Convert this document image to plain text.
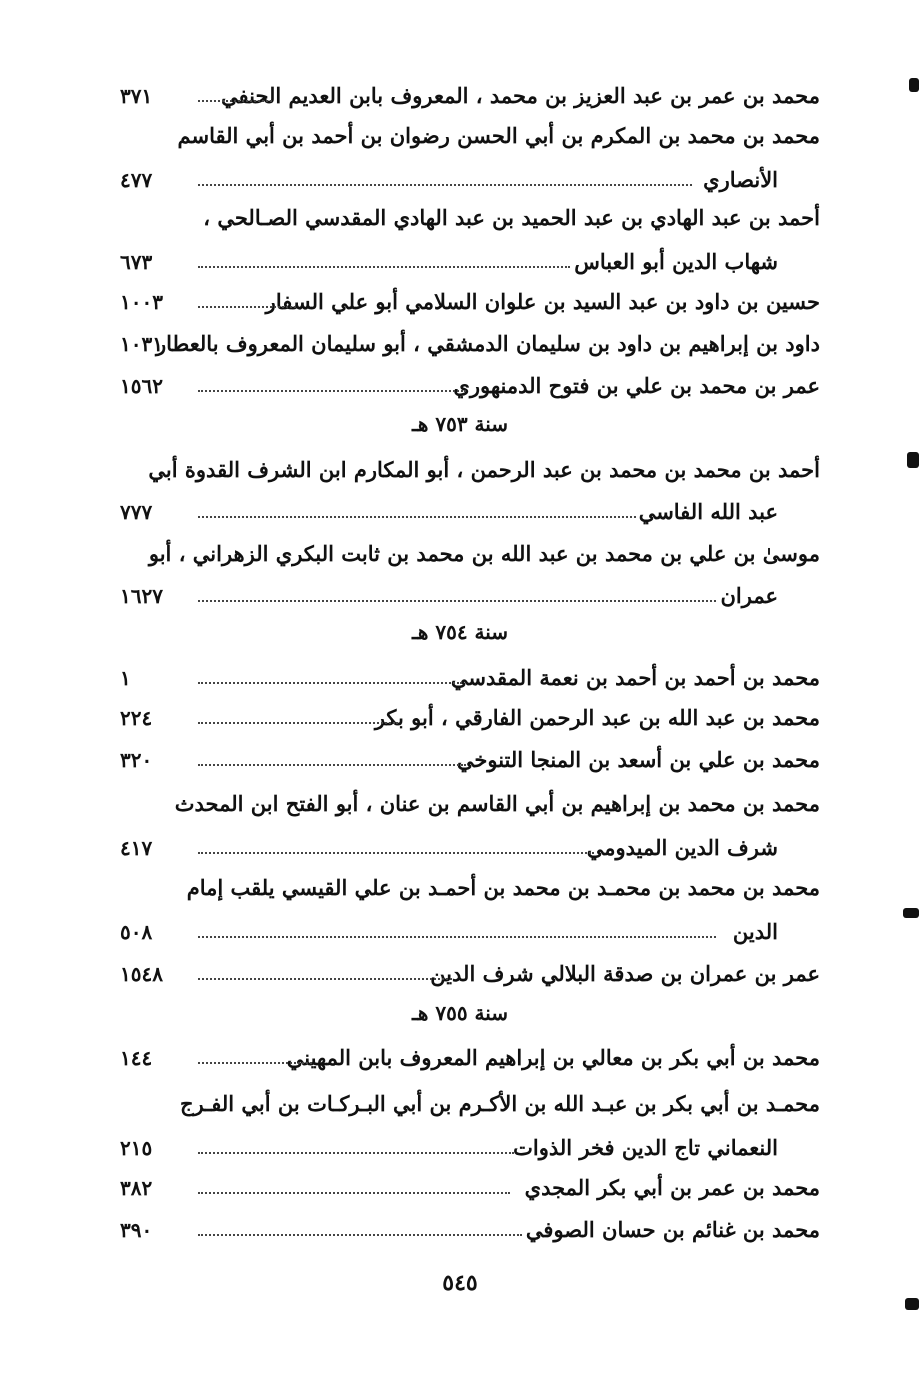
سنة ٧٥٣ هـ
سنة ٧٥٤ هـ
سنة ٧٥٥ هـ
٥٤٥
محمد بن عمر بن عبد العزيز بن محمد ، المعروف بابن العديم الحنفي
٣٧١
محمد بن محمد بن المكرم بن أبي الحسن رضوان بن أحمد بن أبي القاسم
الأنصاري
٤٧٧
أحمد بن عبد الهادي بن عبد الحميد بن عبد الهادي المقدسي الصـالحي ،
شهاب الدين أبو العباس
٦٧٣
حسين بن داود بن عبد السيد بن علوان السلامي أبو علي السفار
١٠٠٣
داود بن إبراهيم بن داود بن سليمان الدمشقي ، أبو سليمان المعروف بالعطار
١٠٣١
عمر بن محمد بن علي بن فتوح الدمنهوري
١٥٦٢
أحمد بن محمد بن محمد بن عبد الرحمن ، أبو المكارم ابن الشرف القدوة أبي
عبد الله الفاسي
٧٧٧
موسىٰ بن علي بن محمد بن عبد الله بن محمد بن ثابت البكري الزهراني ، أبو
عمران
١٦٢٧
محمد بن أحمد بن أحمد بن نعمة المقدسي
١
محمد بن عبد الله بن عبد الرحمن الفارقي ، أبو بكر
٢٢٤
محمد بن علي بن أسعد بن المنجا التنوخي
٣٢٠
محمد بن محمد بن إبراهيم بن أبي القاسم بن عنان ، أبو الفتح ابن المحدث
شرف الدين الميدومي
٤١٧
محمد بن محمد بن محمـد بن محمد بن أحمـد بن علي القيسي يلقب إمام
الدين
٥٠٨
عمر بن عمران بن صدقة البلالي شرف الدين
١٥٤٨
محمد بن أبي بكر بن معالي بن إبراهيم المعروف بابن المهيني
١٤٤
محمـد بن أبي بكر بن عبـد الله بن الأكـرم بن أبي البـركـات بن أبي الفـرج
النعماني تاج الدين فخر الذوات
٢١٥
محمد بن عمر بن أبي بكر المجدي
٣٨٢
محمد بن غنائم بن حسان الصوفي
٣٩٠
